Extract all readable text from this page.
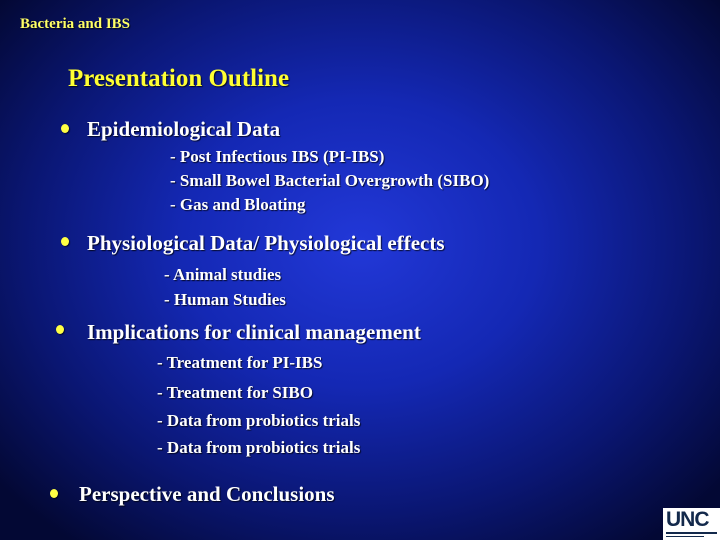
Bacteria and IBS
Presentation Outline
Epidemiological Data
- Post Infectious IBS (PI-IBS)
- Small Bowel Bacterial Overgrowth (SIBO)
- Gas and Bloating
Physiological Data/ Physiological effects
- Animal studies
- Human Studies
Implications for clinical management
- Treatment for PI-IBS
- Treatment for SIBO
- Data from probiotics trials
- Data from probiotics trials
Perspective and Conclusions
UNC
